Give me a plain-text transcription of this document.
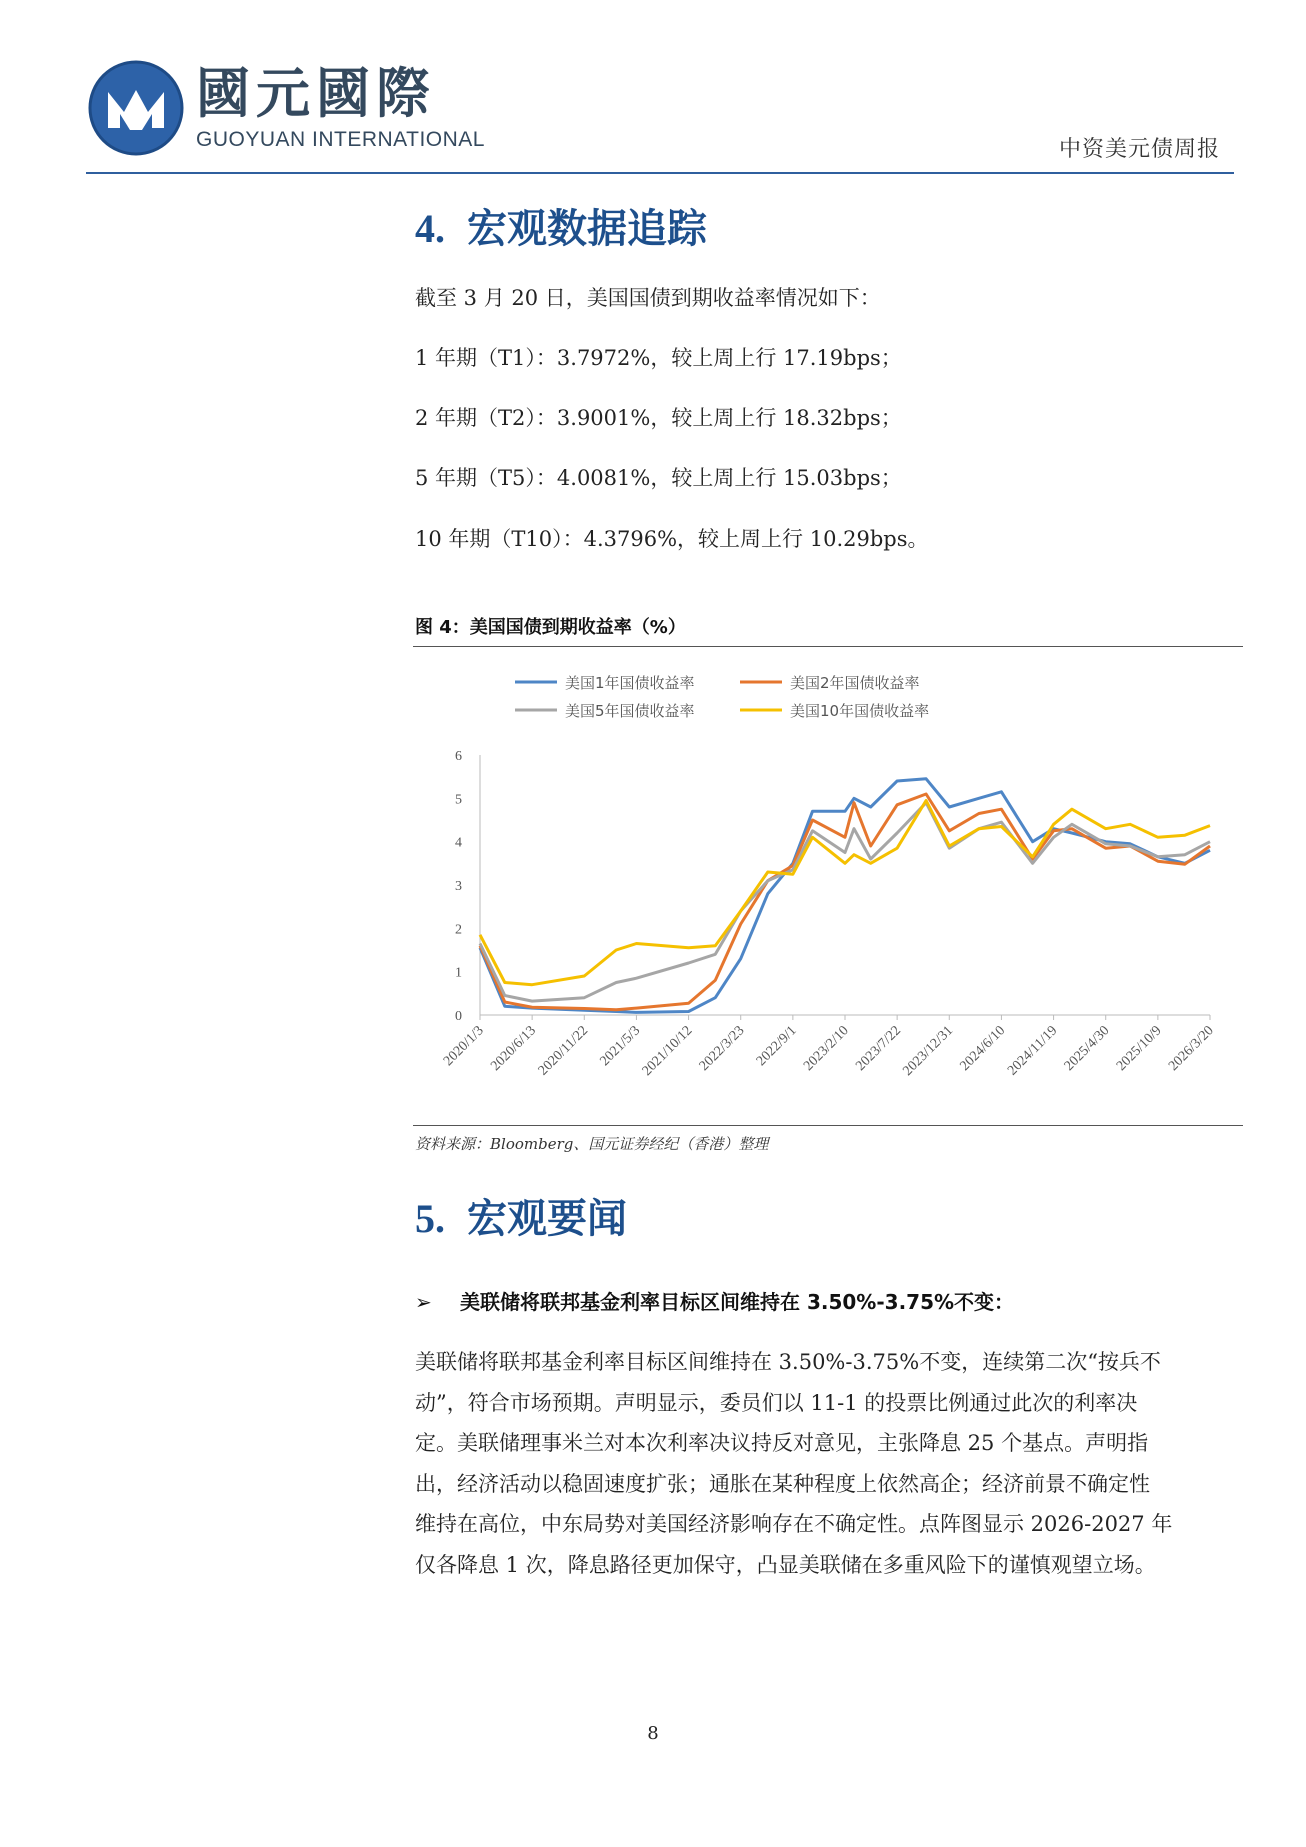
國元國際
GUOYUAN INTERNATIONAL	中资美元债周报
4. 宏观数据追踪
截至 3 月 20 日，美国国债到期收益率情况如下：
1 年期（T1）：3.7972%，较上周上行 17.19bps；
2 年期（T2）：3.9001%，较上周上行 18.32bps；
5 年期（T5）：4.0081%，较上周上行 15.03bps；
10 年期（T10）：4.3796%，较上周上行 10.29bps。
图 4：美国国债到期收益率（%）
美国1年国债收益率	美国2年国债收益率
美国5年国债收益率	美国10年国债收益率
0
1
2
3
4
5
6
2020/1/3 2020/6/13
2020/11/22 2021/5/3
2021/10/12 2022/3/23 2022/9/1 2023/2/10 2023/7/22
2023/12/31 2024/6/10
2024/11/19 2025/4/30 2025/10/9 2026/3/20
资料来源：Bloomberg、国元证券经纪（香港）整理
5. 宏观要闻
➢ 美联储将联邦基金利率目标区间维持在 3.50%-3.75%不变：
美联储将联邦基金利率目标区间维持在 3.50%-3.75%不变，连续第二次“按兵不
动”，符合市场预期。声明显示，委员们以 11-1 的投票比例通过此次的利率决
定。美联储理事米兰对本次利率决议持反对意见，主张降息 25 个基点。声明指
出，经济活动以稳固速度扩张；通胀在某种程度上依然高企；经济前景不确定性
维持在高位，中东局势对美国经济影响存在不确定性。点阵图显示 2026-2027 年
仅各降息 1 次，降息路径更加保守，凸显美联储在多重风险下的谨慎观望立场。
8
